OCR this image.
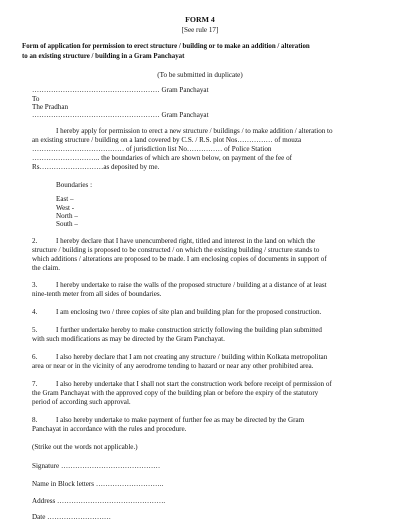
FORM 4
[See rule 17]
Form of application for permission to erect structure / building or to make an addition / alteration
to an existing structure / building in a Gram Panchayat
(To be submitted in duplicate)
……………………………………………… Gram Panchayat
To
The Pradhan
……………………………………………… Gram Panchayat
I hereby apply for permission to erect a new structure / buildings / to make addition / alteration to
an existing structure / building on a land covered by C.S. / R.S. plot Nos…………… of mouza
………………………………… of jurisdiction list No…………… of Police Station
……………………….. the boundaries of which are shown below, on payment of the fee of
Rs………………………as deposited by me.
Boundaries :
East –
West -
North –
South –
2.	I hereby declare that I have unencumbered right, titled and interest in the land on which the
structure / building is proposed to be constructed / on which the existing building / structure stands to
which additions / alterations are proposed to be made. I am enclosing copies of documents in support of
the claim.
3.	I hereby undertake to raise the walls of the proposed structure / building at a distance of at least
nine-tenth meter from all sides of boundaries.
4.	I am enclosing two / three copies of site plan and building plan for the proposed construction.
5.	I further undertake hereby to make construction strictly following the building plan submitted
with such modifications as may be directed by the Gram Panchayat.
6.	I also hereby declare that I am not creating any structure / building within Kolkata metropolitan
area or near or in the vicinity of any aerodrome tending to hazard or near any other prohibited area.
7.	I also hereby undertake that I shall not start the construction work before receipt of permission of
the Gram Panchayat with the approved copy of the building plan or before the expiry of the statutory
period of according such approval.
8.	I also hereby undertake to make payment of further fee as may be directed by the Gram
Panchayat in accordance with the rules and procedure.
(Strike out the words not applicable.)
Signature ……………………………………
Name in Block letters ………………………..
Address ……………………………………….
Date ………………………
